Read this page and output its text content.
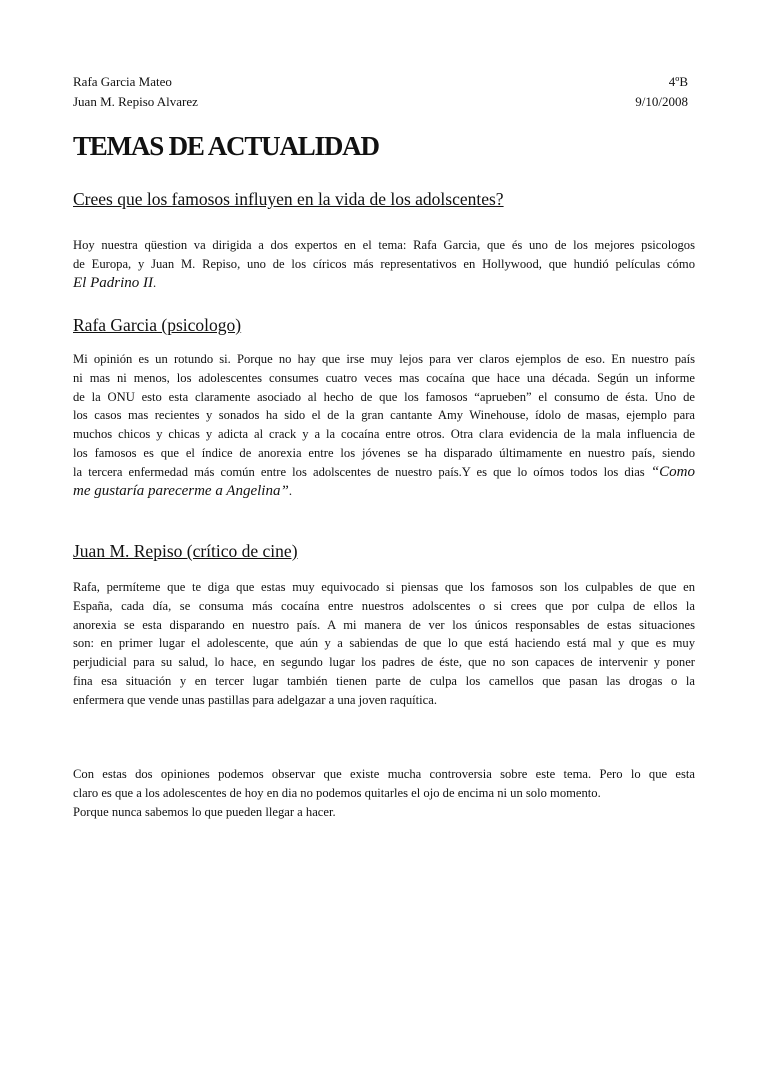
Rafa Garcia Mateo	4ºB
Juan M. Repiso Alvarez	9/10/2008
TEMAS DE ACTUALIDAD
Crees que los famosos influyen en la vida de los adolscentes?
Hoy nuestra qüestion va dirigida a dos expertos en el tema: Rafa Garcia, que és uno de los mejores psicologos
de Europa, y Juan M. Repiso, uno de los círicos más representativos en Hollywood, que hundió películas cómo
El Padrino II.
Rafa Garcia (psicologo)
Mi opinión es un rotundo si. Porque no hay que irse muy lejos para ver claros ejemplos de eso. En nuestro país
ni mas ni menos, los adolescentes consumes cuatro veces mas cocaína que hace una década. Según un informe
de la ONU esto esta claramente asociado al hecho de que los famosos “aprueben” el consumo de ésta. Uno de
los casos mas recientes y sonados ha sido el de la gran cantante Amy Winehouse, ídolo de masas, ejemplo para
muchos chicos y chicas y adicta al crack y a la cocaína entre otros. Otra clara evidencia de la mala influencia de
los famosos es que el índice de anorexia entre los jóvenes se ha disparado últimamente en nuestro país, siendo
la tercera enfermedad más común entre los adolscentes de nuestro país.Y es que lo oímos todos los dias “Como
me gustaría parecerme a Angelina”.
Juan M. Repiso (crítico de cine)
Rafa, permíteme que te diga que estas muy equivocado si piensas que los famosos son los culpables de que en
España, cada día, se consuma más cocaína entre nuestros adolscentes o si crees que por culpa de ellos la
anorexia se esta disparando en nuestro país. A mi manera de ver los únicos responsables de estas situaciones
son: en primer lugar el adolescente, que aún y a sabiendas de que lo que está haciendo está mal y que es muy
perjudicial para su salud, lo hace, en segundo lugar los padres de éste, que no son capaces de intervenir y poner
fina esa situación y en tercer lugar también tienen parte de culpa los camellos que pasan las drogas o la
enfermera que vende unas pastillas para adelgazar a una joven raquítica.
Con estas dos opiniones podemos observar que existe mucha controversia sobre este tema. Pero lo que esta
claro es que a los adolescentes de hoy en dia no podemos quitarles el ojo de encima ni un solo momento.
Porque nunca sabemos lo que pueden llegar a hacer.
